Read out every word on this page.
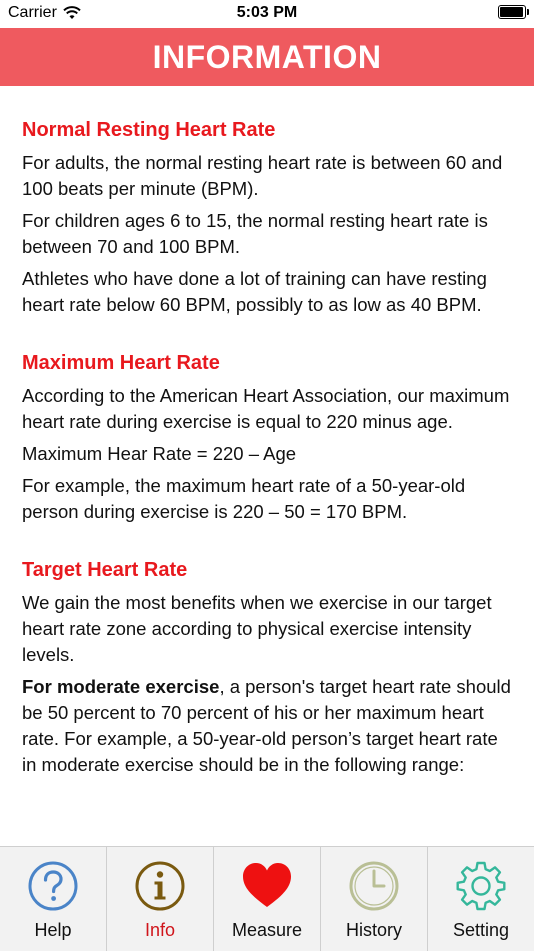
Carrier	5:03 PM
INFORMATION
Normal Resting Heart Rate

For adults, the normal resting heart rate is between 60 and 100 beats per minute (BPM).

For children ages 6 to 15, the normal resting heart rate is between 70 and 100 BPM.

Athletes who have done a lot of training can have resting heart rate below 60 BPM, possibly to as low as 40 BPM.

Maximum Heart Rate

According to the American Heart Association, our maximum heart rate during exercise is equal to 220 minus age.

Maximum Hear Rate = 220 – Age

For example, the maximum heart rate of a 50-year-old person during exercise is 220 – 50 = 170 BPM.

Target Heart Rate

We gain the most benefits when we exercise in our target heart rate zone according to physical exercise intensity levels.

For moderate exercise, a person's target heart rate should be 50 percent to 70 percent of his or her maximum heart rate. For example, a 50-year-old person’s target heart rate in moderate exercise should be in the following range:

Help	Info	Measure History	Setting
